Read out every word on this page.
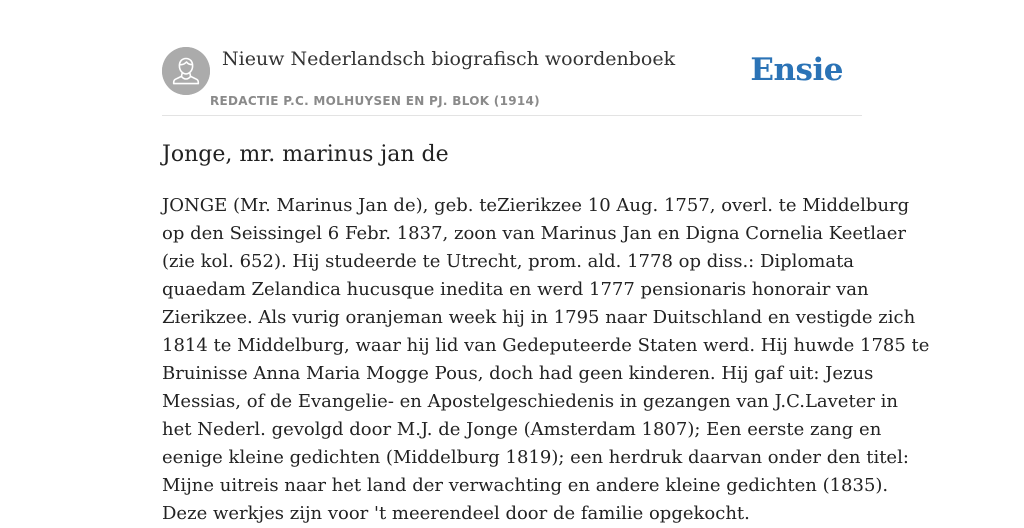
Nieuw Nederlandsch biografisch woordenboek
REDACTIE P.C. MOLHUYSEN EN PJ. BLOK (1914)
Ensie
Jonge, mr. marinus jan de

JONGE (Mr. Marinus Jan de), geb. teZierikzee 10 Aug. 1757, overl. te Middelburg
op den Seissingel 6 Febr. 1837, zoon van Marinus Jan en Digna Cornelia Keetlaer
(zie kol. 652). Hij studeerde te Utrecht, prom. ald. 1778 op diss.: Diplomata
quaedam Zelandica hucusque inedita en werd 1777 pensionaris honorair van
Zierikzee. Als vurig oranjeman week hij in 1795 naar Duitschland en vestigde zich
1814 te Middelburg, waar hij lid van Gedeputeerde Staten werd. Hij huwde 1785 te
Bruinisse Anna Maria Mogge Pous, doch had geen kinderen. Hij gaf uit: Jezus
Messias, of de Evangelie- en Apostelgeschiedenis in gezangen van J.C.Laveter in
het Nederl. gevolgd door M.J. de Jonge (Amsterdam 1807); Een eerste zang en
eenige kleine gedichten (Middelburg 1819); een herdruk daarvan onder den titel:
Mijne uitreis naar het land der verwachting en andere kleine gedichten (1835).
Deze werkjes zijn voor 't meerendeel door de familie opgekocht.
